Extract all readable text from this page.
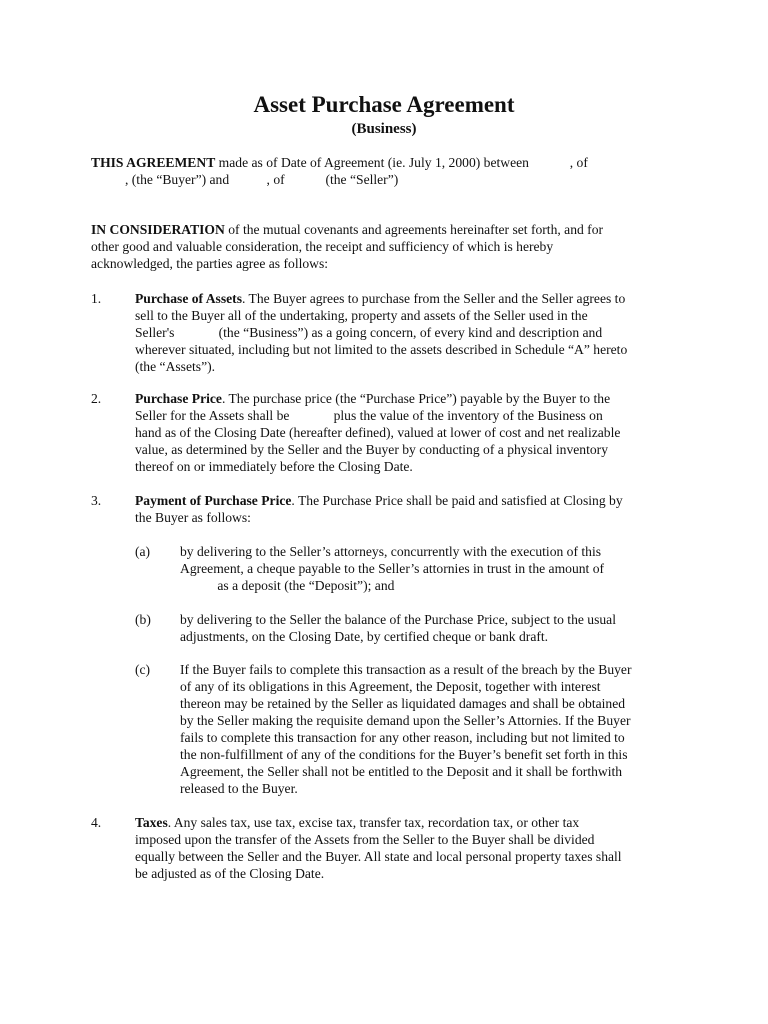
Asset Purchase Agreement
(Business)
THIS AGREEMENT made as of Date of Agreement (ie. July 1, 2000) between            , of
, (the “Buyer”) and           , of            (the “Seller”)
IN CONSIDERATION of the mutual covenants and agreements hereinafter set forth, and for
other good and valuable consideration, the receipt and sufficiency of which is hereby
acknowledged, the parties agree as follows:
1. Purchase of Assets. The Buyer agrees to purchase from the Seller and the Seller agrees to
sell to the Buyer all of the undertaking, property and assets of the Seller used in the
Seller's             (the “Business”) as a going concern, of every kind and description and
wherever situated, including but not limited to the assets described in Schedule “A” hereto
(the “Assets”).
2. Purchase Price. The purchase price (the “Purchase Price”) payable by the Buyer to the
Seller for the Assets shall be             plus the value of the inventory of the Business on
hand as of the Closing Date (hereafter defined), valued at lower of cost and net realizable
value, as determined by the Seller and the Buyer by conducting of a physical inventory
thereof on or immediately before the Closing Date.
3. Payment of Purchase Price. The Purchase Price shall be paid and satisfied at Closing by
the Buyer as follows:
(a) by delivering to the Seller’s attorneys, concurrently with the execution of this
Agreement, a cheque payable to the Seller’s attornies in trust in the amount of
as a deposit (the “Deposit”); and
(b) by delivering to the Seller the balance of the Purchase Price, subject to the usual
adjustments, on the Closing Date, by certified cheque or bank draft.
(c) If the Buyer fails to complete this transaction as a result of the breach by the Buyer
of any of its obligations in this Agreement, the Deposit, together with interest
thereon may be retained by the Seller as liquidated damages and shall be obtained
by the Seller making the requisite demand upon the Seller’s Attornies. If the Buyer
fails to complete this transaction for any other reason, including but not limited to
the non-fulfillment of any of the conditions for the Buyer’s benefit set forth in this
Agreement, the Seller shall not be entitled to the Deposit and it shall be forthwith
released to the Buyer.
4. Taxes. Any sales tax, use tax, excise tax, transfer tax, recordation tax, or other tax
imposed upon the transfer of the Assets from the Seller to the Buyer shall be divided
equally between the Seller and the Buyer. All state and local personal property taxes shall
be adjusted as of the Closing Date.
